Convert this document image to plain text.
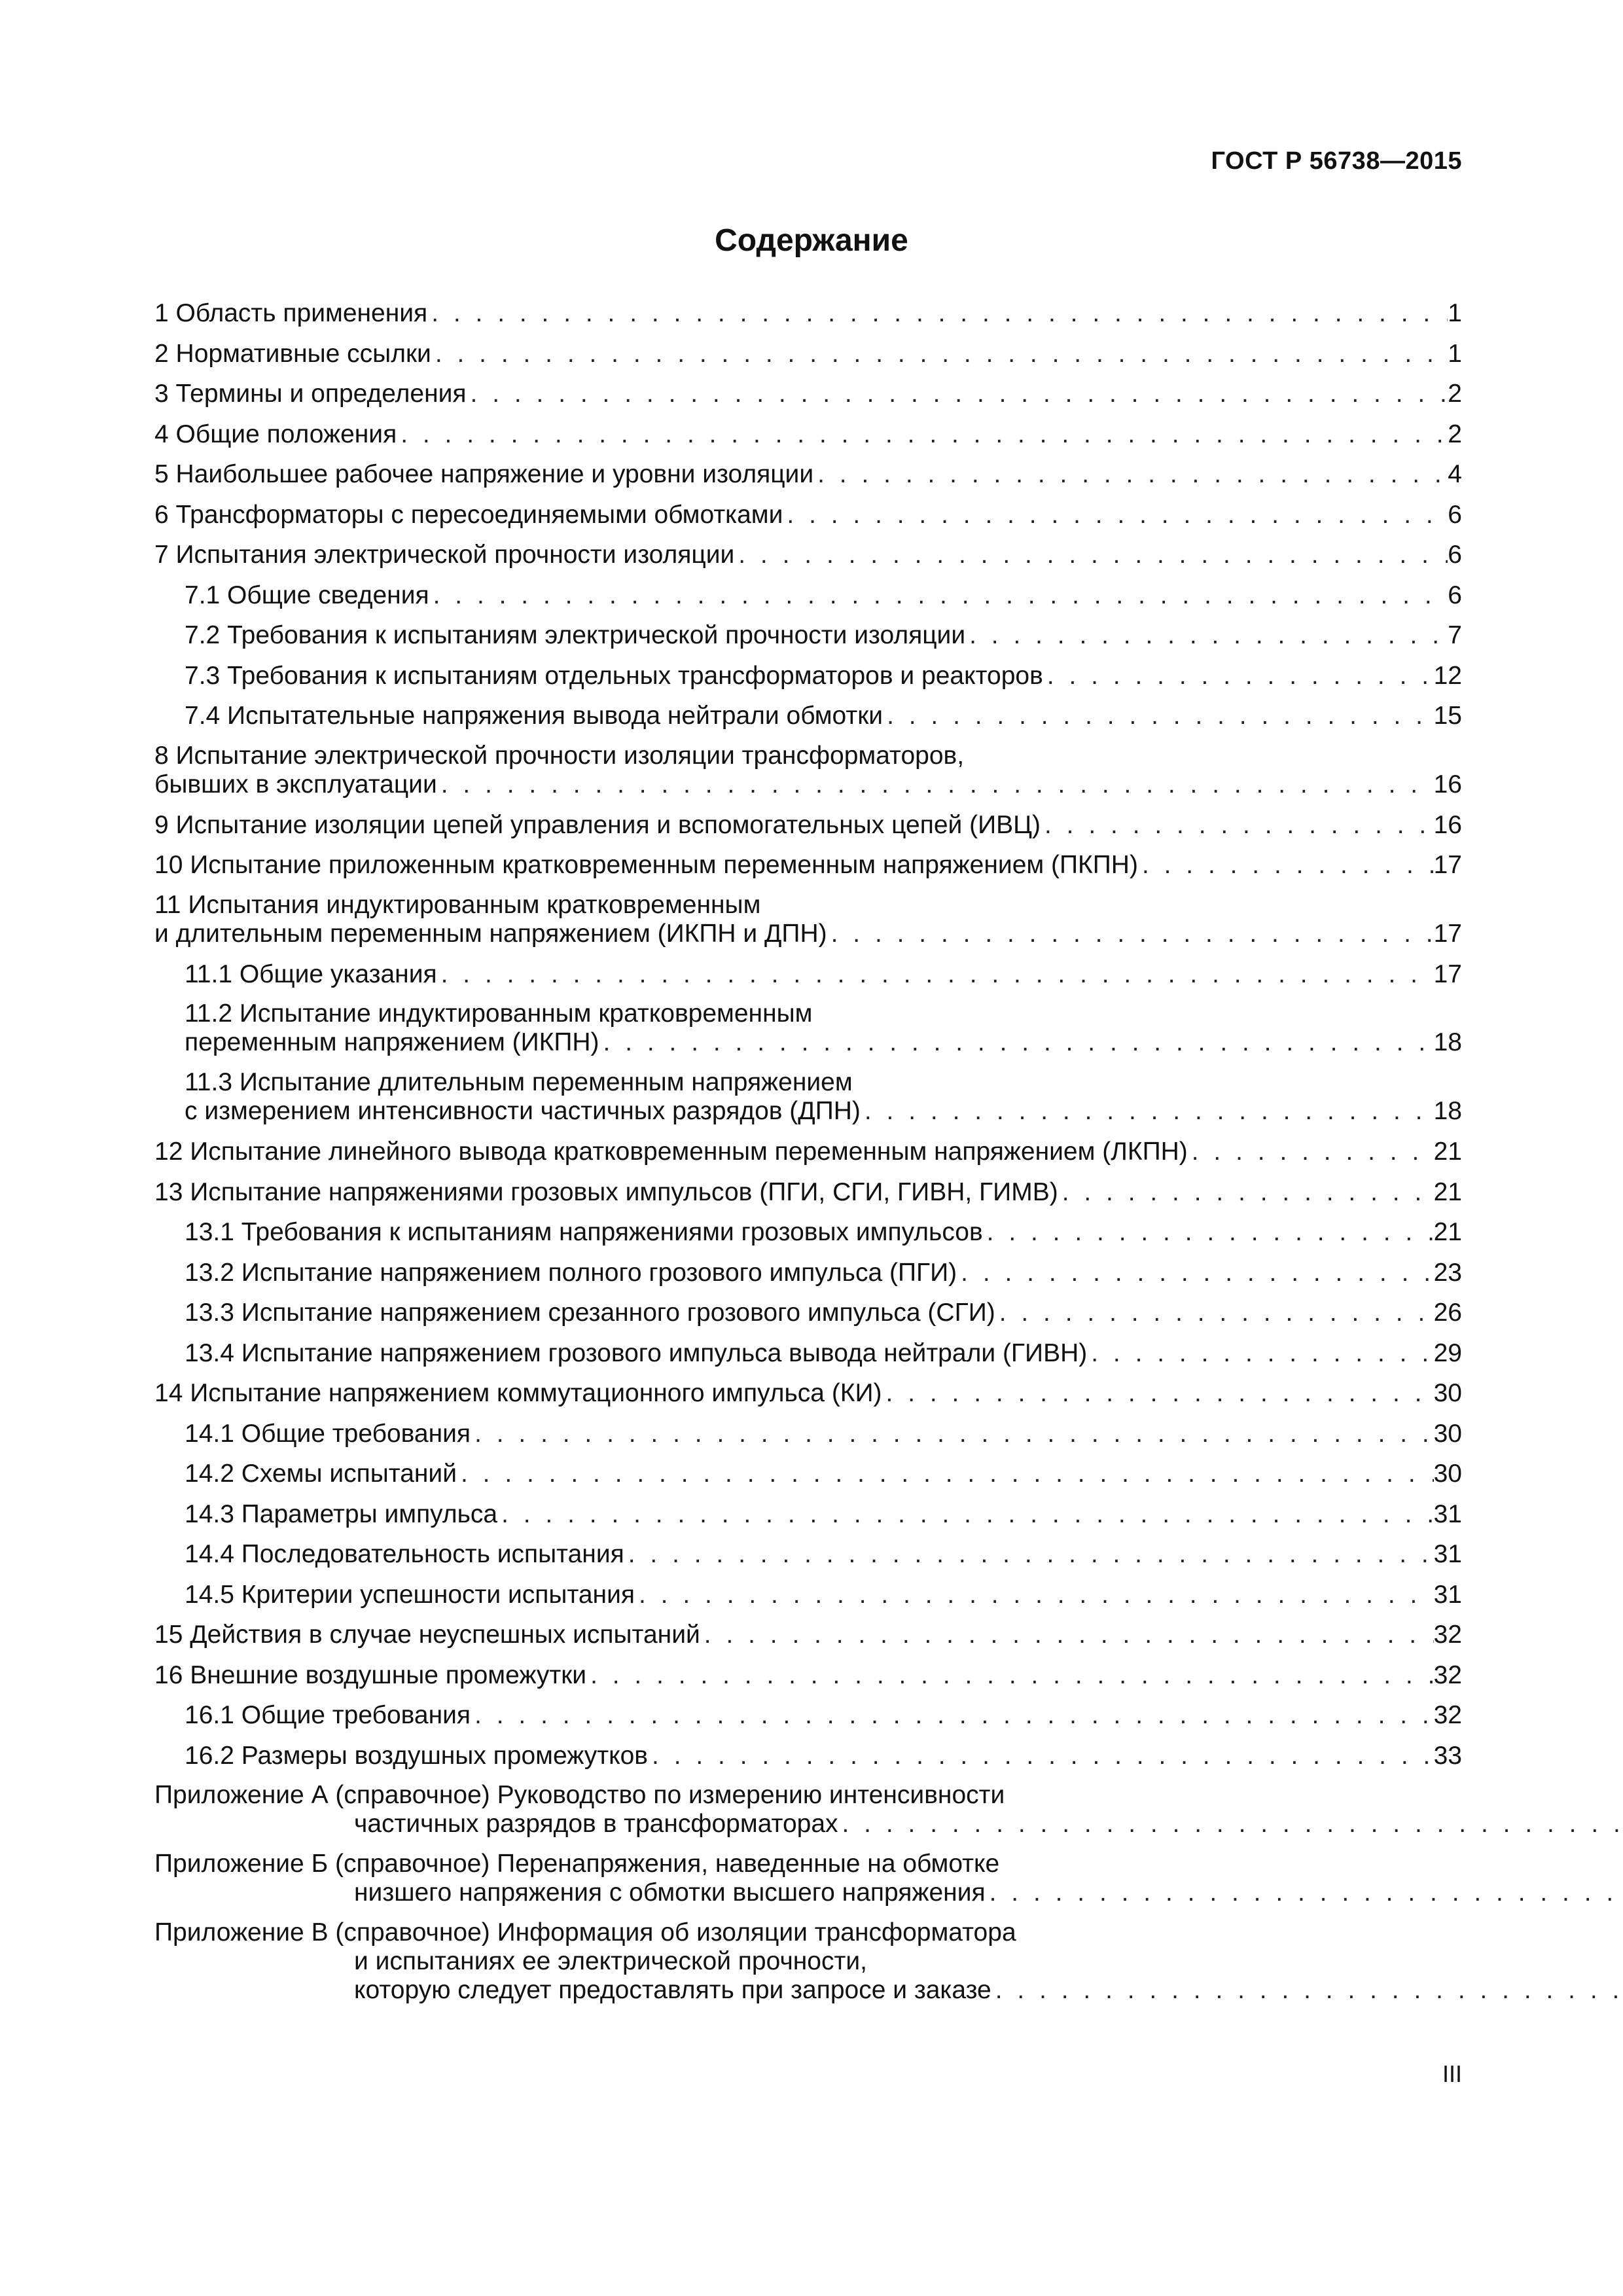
ГОСТ Р 56738—2015
Содержание
1 Область применения . . .	1
2 Нормативные ссылки . . .	1
3 Термины и определения . . .	2
4 Общие положения . . .	2
5 Наибольшее рабочее напряжение и уровни изоляции . . .	4
6 Трансформаторы с пересоединяемыми обмотками . . .	6
7 Испытания электрической прочности изоляции . . .	6
7.1 Общие сведения . . .	6
7.2 Требования к испытаниям электрической прочности изоляции . . .	7
7.3 Требования к испытаниям отдельных трансформаторов и реакторов . . .	12
7.4 Испытательные напряжения вывода нейтрали обмотки . . .	15
8 Испытание электрической прочности изоляции трансформаторов,
бывших в эксплуатации . . .	16
9 Испытание изоляции цепей управления и вспомогательных цепей (ИВЦ) . . .	16
10 Испытание приложенным кратковременным переменным напряжением (ПКПН) . . .	17
11 Испытания индуктированным кратковременным
и длительным переменным напряжением (ИКПН и ДПН) . . .	17
11.1 Общие указания . . .	17
11.2 Испытание индуктированным кратковременным
переменным напряжением (ИКПН) . . .	18
11.3 Испытание длительным переменным напряжением
с измерением интенсивности частичных разрядов (ДПН) . . .	18
12 Испытание линейного вывода кратковременным переменным напряжением (ЛКПН) . . .	21
13 Испытание напряжениями грозовых импульсов (ПГИ, СГИ, ГИВН, ГИМВ) . . .	21
13.1 Требования к испытаниям напряжениями грозовых импульсов . . .	21
13.2 Испытание напряжением полного грозового импульса (ПГИ) . . .	23
13.3 Испытание напряжением срезанного грозового импульса (СГИ) . . .	26
13.4 Испытание напряжением грозового импульса вывода нейтрали (ГИВН) . . .	29
14 Испытание напряжением коммутационного импульса (КИ) . . .	30
14.1 Общие требования . . .	30
14.2 Схемы испытаний . . .	30
14.3 Параметры импульса . . .	31
14.4 Последовательность испытания . . .	31
14.5 Критерии успешности испытания . . .	31
15 Действия в случае неуспешных испытаний . . .	32
16 Внешние воздушные промежутки . . .	32
16.1 Общие требования . . .	32
16.2 Размеры воздушных промежутков . . .	33
Приложение А (справочное) Руководство по измерению интенсивности
частичных разрядов в трансформаторах
. . .
Приложение Б (справочное) Перенапряжения, наведенные на обмотке
низшего напряжения с обмотки высшего напряжения
. . .
Приложение В (справочное) Информация об изоляции трансформатора
и испытаниях ее электрической прочности,
которую следует предоставлять при запросе и заказе
. . .
III
